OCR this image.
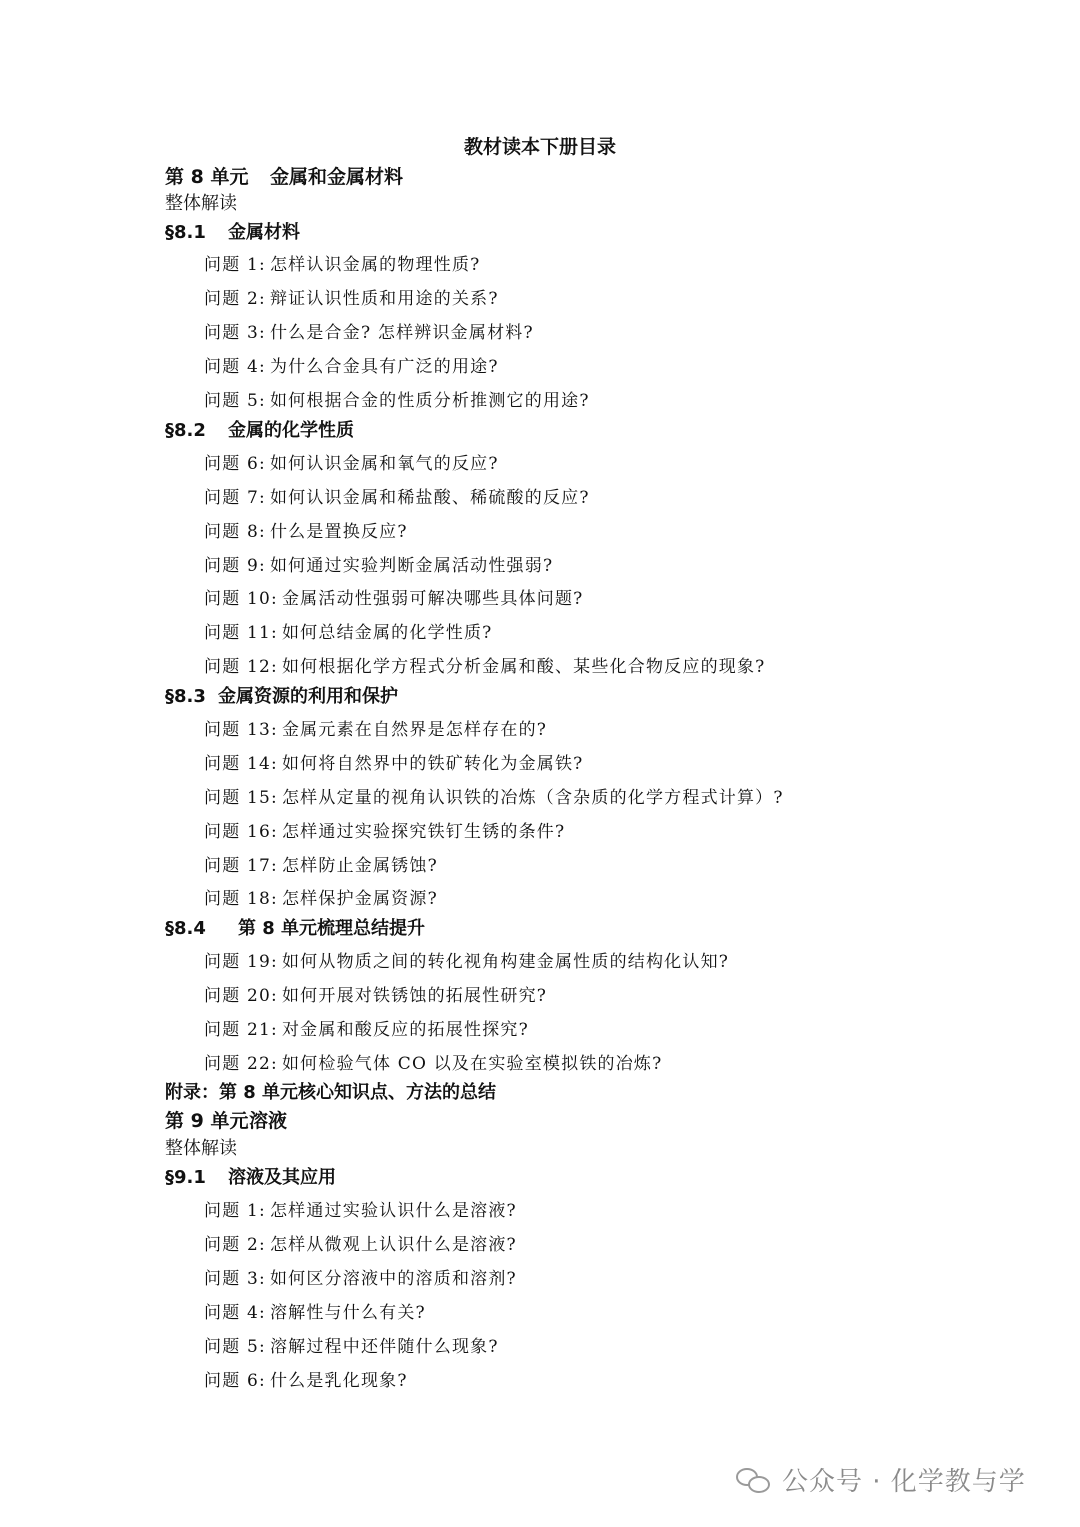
教材读本下册目录
第 8 单元 金属和金属材料
整体解读
§8.1 金属材料
问题 1: 怎样认识金属的物理性质?
问题 2: 辩证认识性质和用途的关系?
问题 3: 什么是合金? 怎样辨识金属材料?
问题 4: 为什么合金具有广泛的用途?
问题 5: 如何根据合金的性质分析推测它的用途?
§8.2 金属的化学性质
问题 6: 如何认识金属和氧气的反应?
问题 7: 如何认识金属和稀盐酸、稀硫酸的反应?
问题 8: 什么是置换反应?
问题 9: 如何通过实验判断金属活动性强弱?
问题 10: 金属活动性强弱可解决哪些具体问题?
问题 11: 如何总结金属的化学性质?
问题 12: 如何根据化学方程式分析金属和酸、某些化合物反应的现象?
§8.3 金属资源的利用和保护
问题 13: 金属元素在自然界是怎样存在的?
问题 14: 如何将自然界中的铁矿转化为金属铁?
问题 15: 怎样从定量的视角认识铁的冶炼（含杂质的化学方程式计算）?
问题 16: 怎样通过实验探究铁钉生锈的条件?
问题 17: 怎样防止金属锈蚀?
问题 18: 怎样保护金属资源?
§8.4 第 8 单元梳理总结提升
问题 19: 如何从物质之间的转化视角构建金属性质的结构化认知?
问题 20: 如何开展对铁锈蚀的拓展性研究?
问题 21: 对金属和酸反应的拓展性探究?
问题 22: 如何检验气体 CO 以及在实验室模拟铁的冶炼?
附录：第 8 单元核心知识点、方法的总结
第 9 单元溶液
整体解读
§9.1 溶液及其应用
问题 1: 怎样通过实验认识什么是溶液?
问题 2: 怎样从微观上认识什么是溶液?
问题 3: 如何区分溶液中的溶质和溶剂?
问题 4: 溶解性与什么有关?
问题 5: 溶解过程中还伴随什么现象?
问题 6: 什么是乳化现象?
公众号 · 化学教与学
